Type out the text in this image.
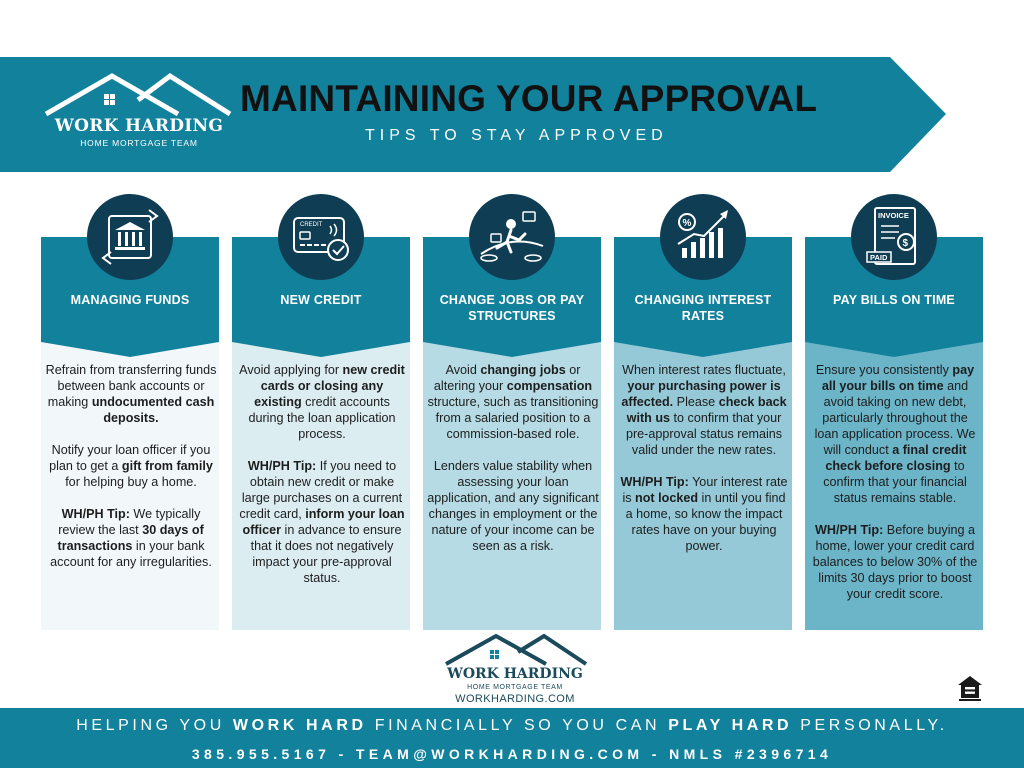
WORK HARDING
HOME MORTGAGE TEAM
MAINTAINING YOUR APPROVAL
TIPS TO STAY APPROVED
MANAGING FUNDS

Refrain from transferring funds between bank accounts or making undocumented cash deposits.

Notify your loan officer if you plan to get a gift from family for helping buy a home.

WH/PH Tip: We typically review the last 30 days of transactions in your bank account for any irregularities.

NEW CREDIT

Avoid applying for new credit cards or closing any existing credit accounts during the loan application process.

WH/PH Tip: If you need to obtain new credit or make large purchases on a current credit card, inform your loan officer in advance to ensure that it does not negatively impact your pre-approval status.

CHANGE JOBS OR PAY STRUCTURES

Avoid changing jobs or altering your compensation structure, such as transitioning from a salaried position to a commission-based role.

Lenders value stability when assessing your loan application, and any significant changes in employment or the nature of your income can be seen as a risk.

CHANGING INTEREST RATES

When interest rates fluctuate, your purchasing power is affected. Please check back with us to confirm that your pre-approval status remains valid under the new rates.

WH/PH Tip: Your interest rate is not locked in until you find a home, so know the impact rates have on your buying power.

PAY BILLS ON TIME

Ensure you consistently pay all your bills on time and avoid taking on new debt, particularly throughout the loan application process. We will conduct a final credit check before closing to confirm that your financial status remains stable.

WH/PH Tip: Before buying a home, lower your credit card balances to below 30% of the limits 30 days prior to boost your credit score.

WORK HARDING
HOME MORTGAGE TEAM
WORKHARDING.COM
HELPING YOU WORK HARD FINANCIALLY SO YOU CAN PLAY HARD PERSONALLY.
385.955.5167 - TEAM@WORKHARDING.COM - NMLS #2396714
CREDIT	%
INVOICE
$
PAID
